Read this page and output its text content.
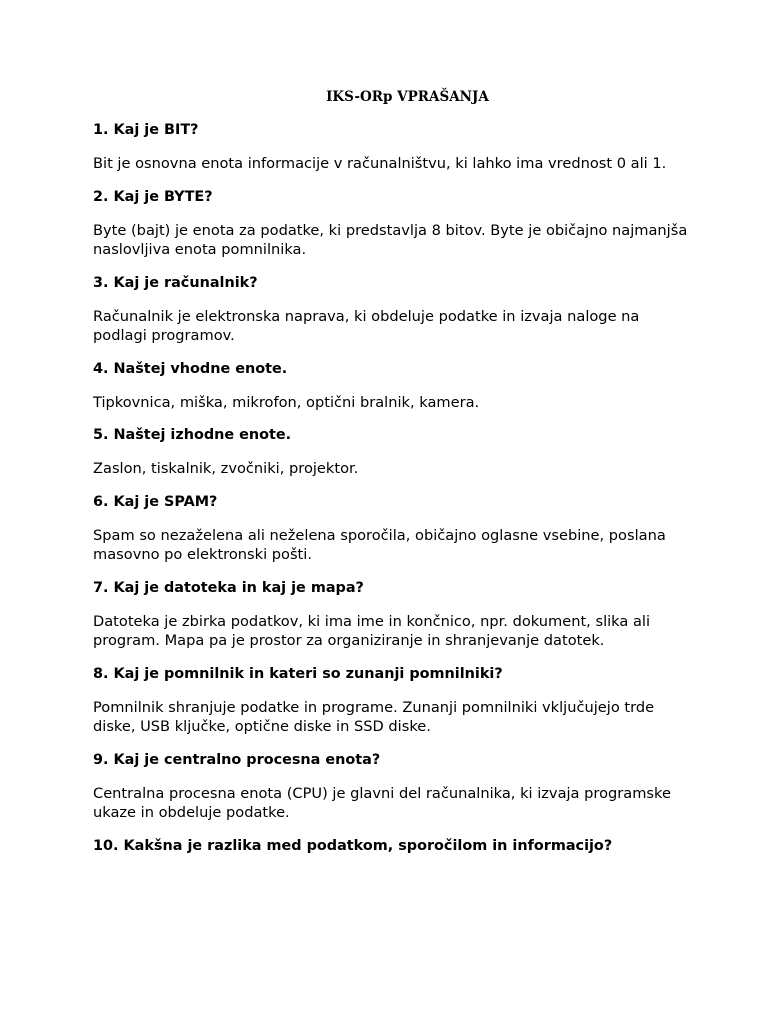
IKS-ORp VPRAŠANJA

1. Kaj je BIT?

Bit je osnovna enota informacije v računalništvu, ki lahko ima vrednost 0 ali 1.

2. Kaj je BYTE?

Byte (bajt) je enota za podatke, ki predstavlja 8 bitov. Byte je običajno najmanjša naslovljiva enota pomnilnika.

3. Kaj je računalnik?

Računalnik je elektronska naprava, ki obdeluje podatke in izvaja naloge na podlagi programov.

4. Naštej vhodne enote.

Tipkovnica, miška, mikrofon, optični bralnik, kamera.

5. Naštej izhodne enote.

Zaslon, tiskalnik, zvočniki, projektor.

6. Kaj je SPAM?

Spam so nezaželena ali neželena sporočila, običajno oglasne vsebine, poslana masovno po elektronski pošti.

7. Kaj je datoteka in kaj je mapa?

Datoteka je zbirka podatkov, ki ima ime in končnico, npr. dokument, slika ali program. Mapa pa je prostor za organiziranje in shranjevanje datotek.

8. Kaj je pomnilnik in kateri so zunanji pomnilniki?

Pomnilnik shranjuje podatke in programe. Zunanji pomnilniki vključujejo trde diske, USB ključke, optične diske in SSD diske.

9. Kaj je centralno procesna enota?

Centralna procesna enota (CPU) je glavni del računalnika, ki izvaja programske ukaze in obdeluje podatke.

10. Kakšna je razlika med podatkom, sporočilom in informacijo?
